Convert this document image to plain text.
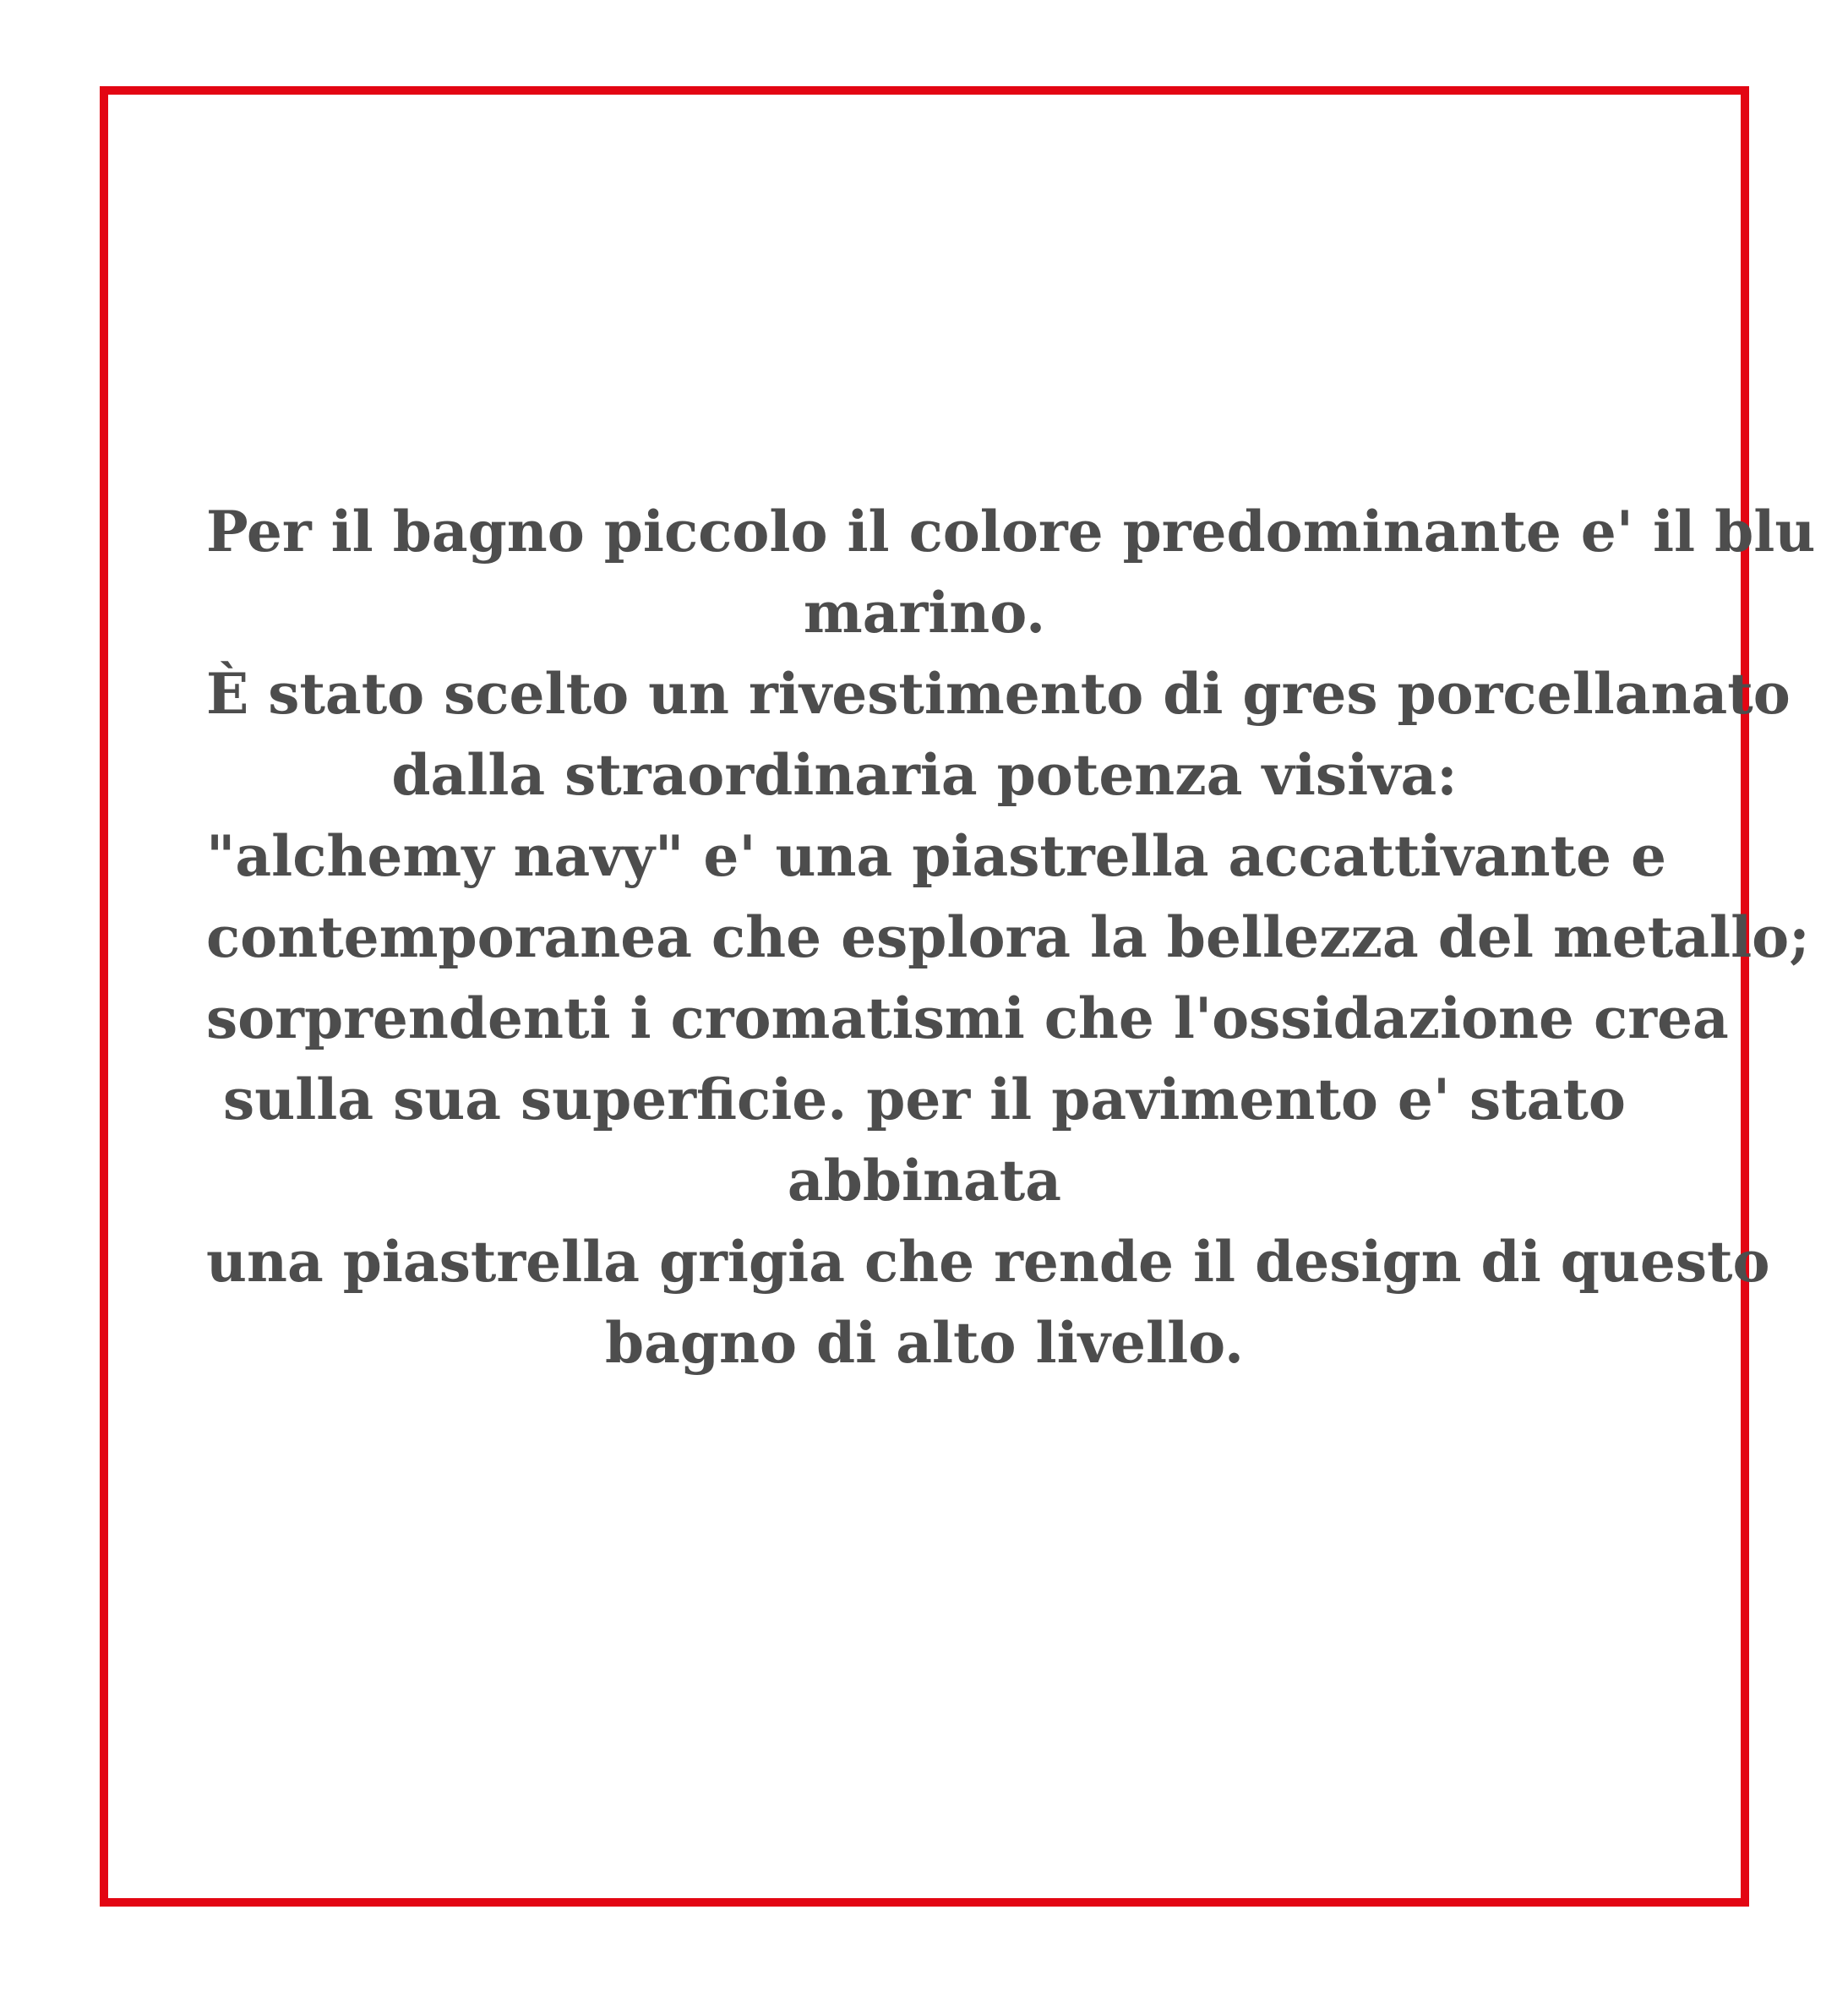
Per il bagno piccolo il colore predominante e' il blu
marino.
È stato scelto un rivestimento di gres porcellanato
dalla straordinaria potenza visiva:
"alchemy navy" e' una piastrella accattivante e
contemporanea che esplora la bellezza del metallo;
sorprendenti i cromatismi che l'ossidazione crea
sulla sua superficie. per il pavimento e' stato
abbinata
una piastrella grigia che rende il design di questo
bagno di alto livello.
